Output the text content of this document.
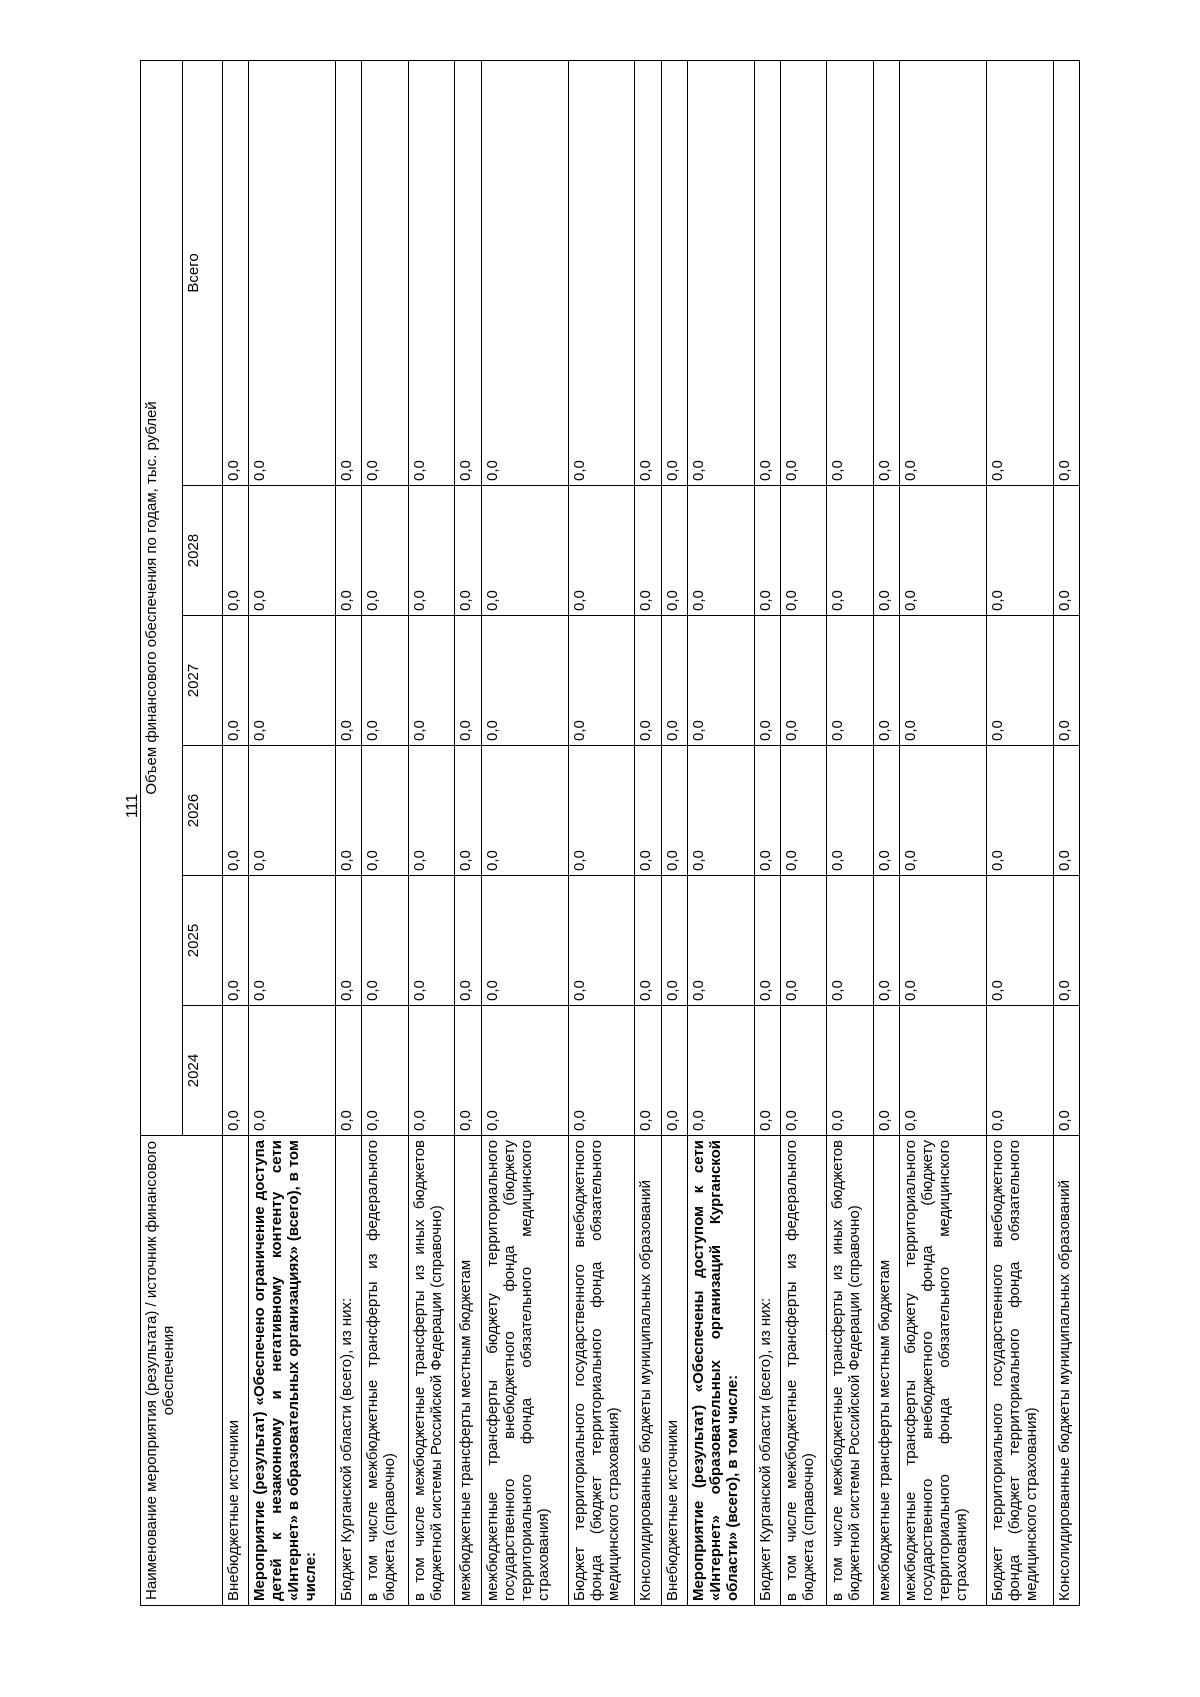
111
Наименование мероприятия (результата) / источник финансового обеспечения	Объем финансового обеспечения по годам, тыс. рублей					
	2024	2025	2026	2027	2028	Всего
Внебюджетные источники	0,0	0,0	0,0	0,0	0,0	0,0
Мероприятие (результат) «Обеспечено ограничение доступа детей к незаконному и негативному контенту сети «Интернет» в образовательных организациях» (всего), в том числе:	0,0	0,0	0,0	0,0	0,0	0,0
Бюджет Курганской области (всего), из них:	0,0	0,0	0,0	0,0	0,0	0,0
в том числе межбюджетные трансферты из федерального бюджета (справочно)	0,0	0,0	0,0	0,0	0,0	0,0
в том числе межбюджетные трансферты из иных бюджетов бюджетной системы Российской Федерации (справочно)	0,0	0,0	0,0	0,0	0,0	0,0
межбюджетные трансферты местным бюджетам	0,0	0,0	0,0	0,0	0,0	0,0
межбюджетные трансферты бюджету территориального государственного внебюджетного фонда (бюджету территориального фонда обязательного медицинского страхования)	0,0	0,0	0,0	0,0	0,0	0,0
Бюджет территориального государственного внебюджетного фонда (бюджет территориального фонда обязательного медицинского страхования)	0,0	0,0	0,0	0,0	0,0	0,0
Консолидированные бюджеты муниципальных образований	0,0	0,0	0,0	0,0	0,0	0,0
Внебюджетные источники	0,0	0,0	0,0	0,0	0,0	0,0
Мероприятие (результат) «Обеспечены доступом к сети «Интернет» образовательных организаций Курганской области» (всего), в том числе:	0,0	0,0	0,0	0,0	0,0	0,0
Бюджет Курганской области (всего), из них:	0,0	0,0	0,0	0,0	0,0	0,0
в том числе межбюджетные трансферты из федерального бюджета (справочно)	0,0	0,0	0,0	0,0	0,0	0,0
в том числе межбюджетные трансферты из иных бюджетов бюджетной системы Российской Федерации (справочно)	0,0	0,0	0,0	0,0	0,0	0,0
межбюджетные трансферты местным бюджетам	0,0	0,0	0,0	0,0	0,0	0,0
межбюджетные трансферты бюджету территориального государственного внебюджетного фонда (бюджету территориального фонда обязательного медицинского страхования)	0,0	0,0	0,0	0,0	0,0	0,0
Бюджет территориального государственного внебюджетного фонда (бюджет территориального фонда обязательного медицинского страхования)	0,0	0,0	0,0	0,0	0,0	0,0
Консолидированные бюджеты муниципальных образований	0,0	0,0	0,0	0,0	0,0	0,0
